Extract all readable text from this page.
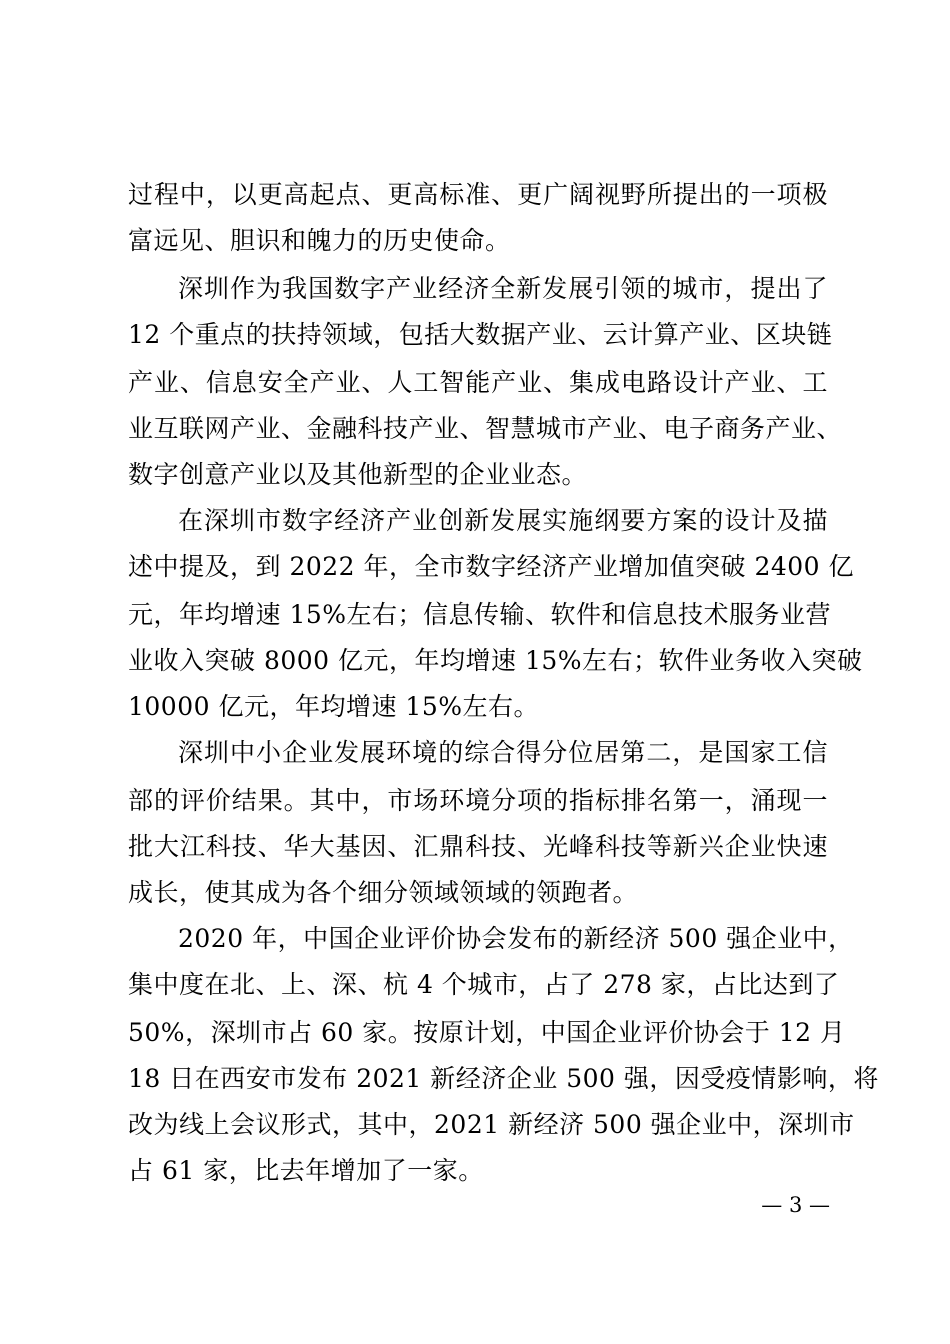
过程中，以更高起点、更高标准、更广阔视野所提出的一项极
富远见、胆识和魄力的历史使命。
深圳作为我国数字产业经济全新发展引领的城市，提出了
12 个重点的扶持领域，包括大数据产业、云计算产业、区块链
产业、信息安全产业、人工智能产业、集成电路设计产业、工
业互联网产业、金融科技产业、智慧城市产业、电子商务产业、
数字创意产业以及其他新型的企业业态。
在深圳市数字经济产业创新发展实施纲要方案的设计及描
述中提及，到 2022 年，全市数字经济产业增加值突破 2400 亿
元，年均增速 15%左右；信息传输、软件和信息技术服务业营
业收入突破 8000 亿元，年均增速 15%左右；软件业务收入突破
10000 亿元，年均增速 15%左右。
深圳中小企业发展环境的综合得分位居第二，是国家工信
部的评价结果。其中，市场环境分项的指标排名第一，涌现一
批大江科技、华大基因、汇鼎科技、光峰科技等新兴企业快速
成长，使其成为各个细分领域领域的领跑者。
2020 年，中国企业评价协会发布的新经济 500 强企业中，
集中度在北、上、深、杭 4 个城市，占了 278 家，占比达到了
50%，深圳市占 60 家。按原计划，中国企业评价协会于 12 月
18 日在西安市发布 2021 新经济企业 500 强，因受疫情影响，将
改为线上会议形式，其中，2021 新经济 500 强企业中，深圳市
占 61 家，比去年增加了一家。
— 3 —
